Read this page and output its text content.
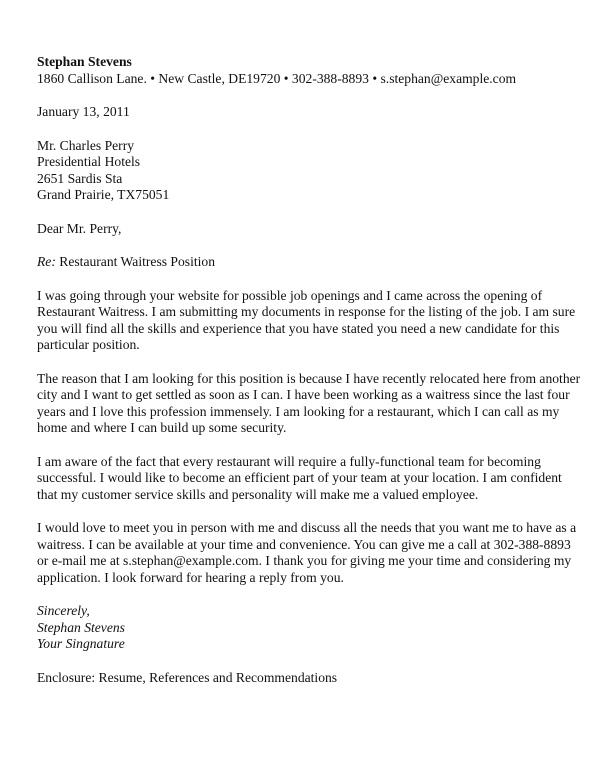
Stephan Stevens

1860 Callison Lane. • New Castle, DE19720 • 302-388-8893 • s.stephan@example.com

January 13, 2011

Mr. Charles Perry

Presidential Hotels

2651 Sardis Sta

Grand Prairie, TX75051

Dear Mr. Perry,

Re: Restaurant Waitress Position

I was going through your website for possible job openings and I came across the opening of

Restaurant Waitress. I am submitting my documents in response for the listing of the job. I am sure

you will find all the skills and experience that you have stated you need a new candidate for this

particular position.

The reason that I am looking for this position is because I have recently relocated here from another

city and I want to get settled as soon as I can. I have been working as a waitress since the last four

years and I love this profession immensely. I am looking for a restaurant, which I can call as my

home and where I can build up some security.

I am aware of the fact that every restaurant will require a fully-functional team for becoming

successful. I would like to become an efficient part of your team at your location. I am confident

that my customer service skills and personality will make me a valued employee.

I would love to meet you in person with me and discuss all the needs that you want me to have as a

waitress. I can be available at your time and convenience. You can give me a call at 302-388-8893

or e-mail me at s.stephan@example.com. I thank you for giving me your time and considering my

application. I look forward for hearing a reply from you.

Sincerely,

Stephan Stevens

Your Singnature

Enclosure: Resume, References and Recommendations
